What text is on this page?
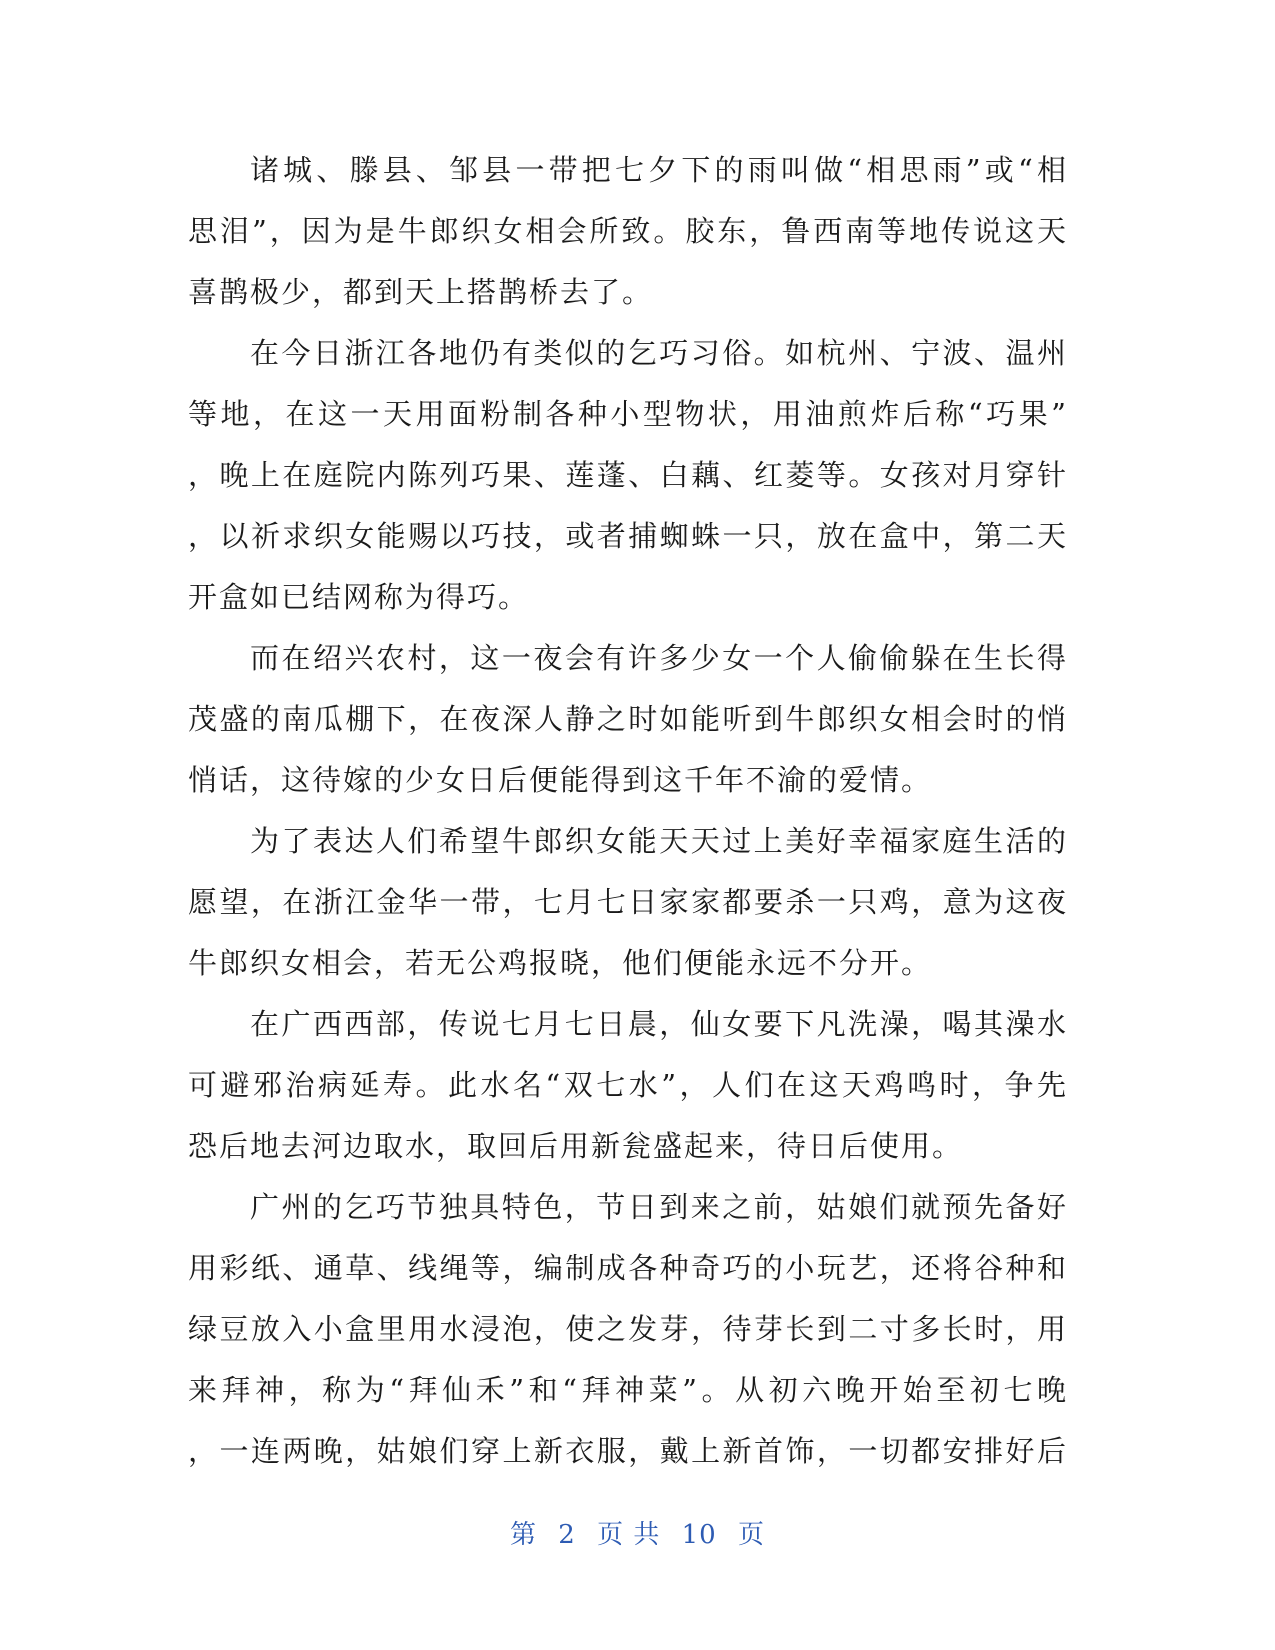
诸城、滕县、邹县一带把七夕下的雨叫做“相思雨”或“相
思泪”，因为是牛郎织女相会所致。胶东，鲁西南等地传说这天
喜鹊极少，都到天上搭鹊桥去了。
在今日浙江各地仍有类似的乞巧习俗。如杭州、宁波、温州
等地，在这一天用面粉制各种小型物状，用油煎炸后称“巧果”
，晚上在庭院内陈列巧果、莲蓬、白藕、红菱等。女孩对月穿针
，以祈求织女能赐以巧技，或者捕蜘蛛一只，放在盒中，第二天
开盒如已结网称为得巧。
而在绍兴农村，这一夜会有许多少女一个人偷偷躲在生长得
茂盛的南瓜棚下，在夜深人静之时如能听到牛郎织女相会时的悄
悄话，这待嫁的少女日后便能得到这千年不渝的爱情。
为了表达人们希望牛郎织女能天天过上美好幸福家庭生活的
愿望，在浙江金华一带，七月七日家家都要杀一只鸡，意为这夜
牛郎织女相会，若无公鸡报晓，他们便能永远不分开。
在广西西部，传说七月七日晨，仙女要下凡洗澡，喝其澡水
可避邪治病延寿。此水名“双七水”，人们在这天鸡鸣时，争先
恐后地去河边取水，取回后用新瓮盛起来，待日后使用。
广州的乞巧节独具特色，节日到来之前，姑娘们就预先备好
用彩纸、通草、线绳等，编制成各种奇巧的小玩艺，还将谷种和
绿豆放入小盒里用水浸泡，使之发芽，待芽长到二寸多长时，用
来拜神，称为“拜仙禾”和“拜神菜”。从初六晚开始至初七晚
，一连两晚，姑娘们穿上新衣服，戴上新首饰，一切都安排好后
第 2 页 共 10 页
